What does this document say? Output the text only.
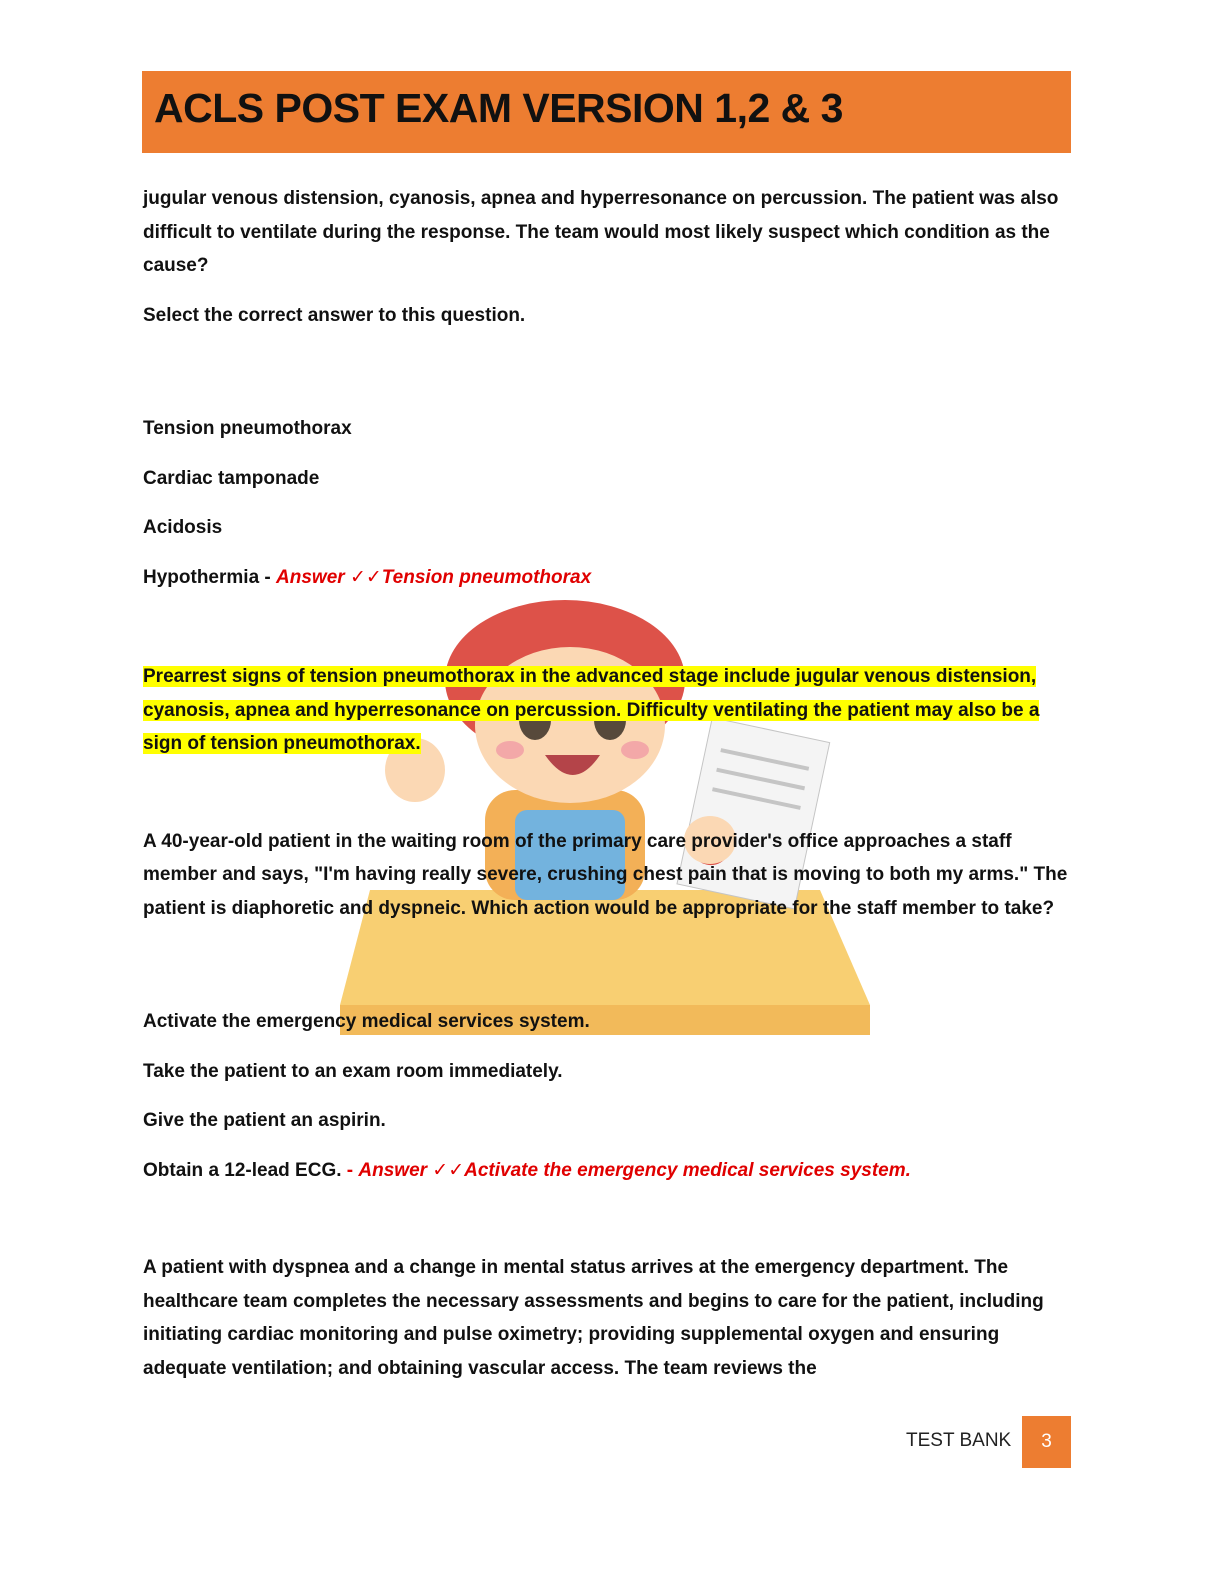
ACLS POST EXAM VERSION 1,2 & 3

jugular venous distension, cyanosis, apnea and hyperresonance on percussion. The patient was also difficult to ventilate during the response. The team would most likely suspect which condition as the cause?

Select the correct answer to this question.

Tension pneumothorax

Cardiac tamponade

Acidosis

Hypothermia - Answer ✓✓Tension pneumothorax

Prearrest signs of tension pneumothorax in the advanced stage include jugular venous distension, cyanosis, apnea and hyperresonance on percussion. Difficulty ventilating the patient may also be a sign of tension pneumothorax.

A 40-year-old patient in the waiting room of the primary care provider's office approaches a staff member and says, "I'm having really severe, crushing chest pain that is moving to both my arms." The patient is diaphoretic and dyspneic. Which action would be appropriate for the staff member to take?

Activate the emergency medical services system.

Take the patient to an exam room immediately.

Give the patient an aspirin.

Obtain a 12-lead ECG. - Answer ✓✓Activate the emergency medical services system.

A patient with dyspnea and a change in mental status arrives at the emergency department. The healthcare team completes the necessary assessments and begins to care for the patient, including initiating cardiac monitoring and pulse oximetry; providing supplemental oxygen and ensuring adequate ventilation; and obtaining vascular access. The team reviews the

TEST BANK	3
